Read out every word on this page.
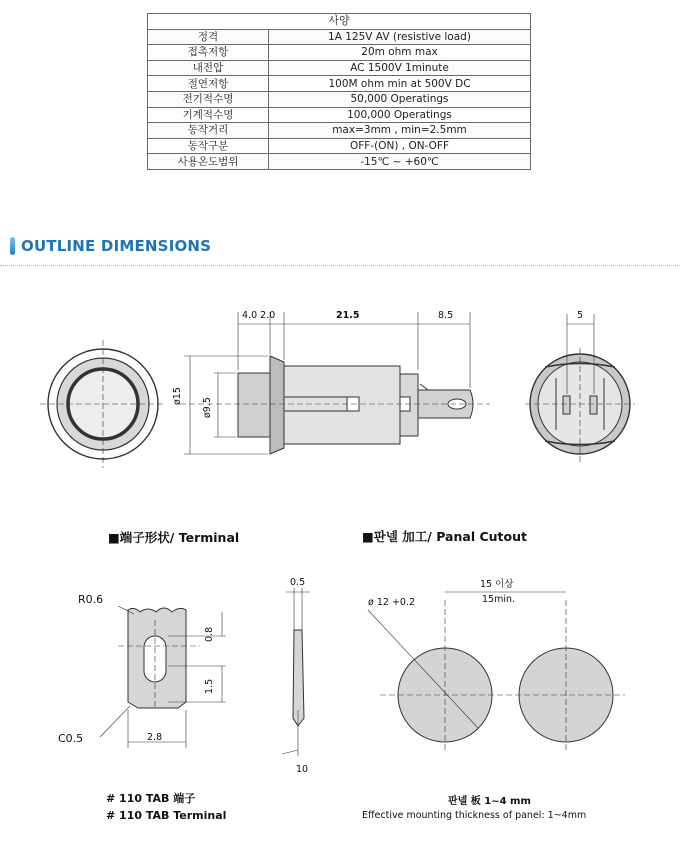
사양	
정격	1A 125V AV (resistive load)
접촉저항	20m ohm max
내전압	AC 1500V 1minute
절연저항	100M ohm min at 500V DC
전기적수명	50,000 Operatings
기계적수명	100,000 Operatings
동작거리	max=3mm , min=2.5mm
동작구분	OFF-(ON) , ON-OFF
사용온도범위	-15℃ ~ +60℃
OUTLINE DIMENSIONS
4.0 2.0	21.5	8.5	5
ø15
ø9.5
■端子形状/ Terminal	■판넬 加工/ Panal Cutout
R0.6
C0.5
0.8
1.5
2.8
0.5
10
ø 12 +0.2
15 이상
15min.
# 110 TAB 端子
# 110 TAB Terminal
판넬 板 1~4 mm
Effective mounting thickness of panel: 1~4mm
